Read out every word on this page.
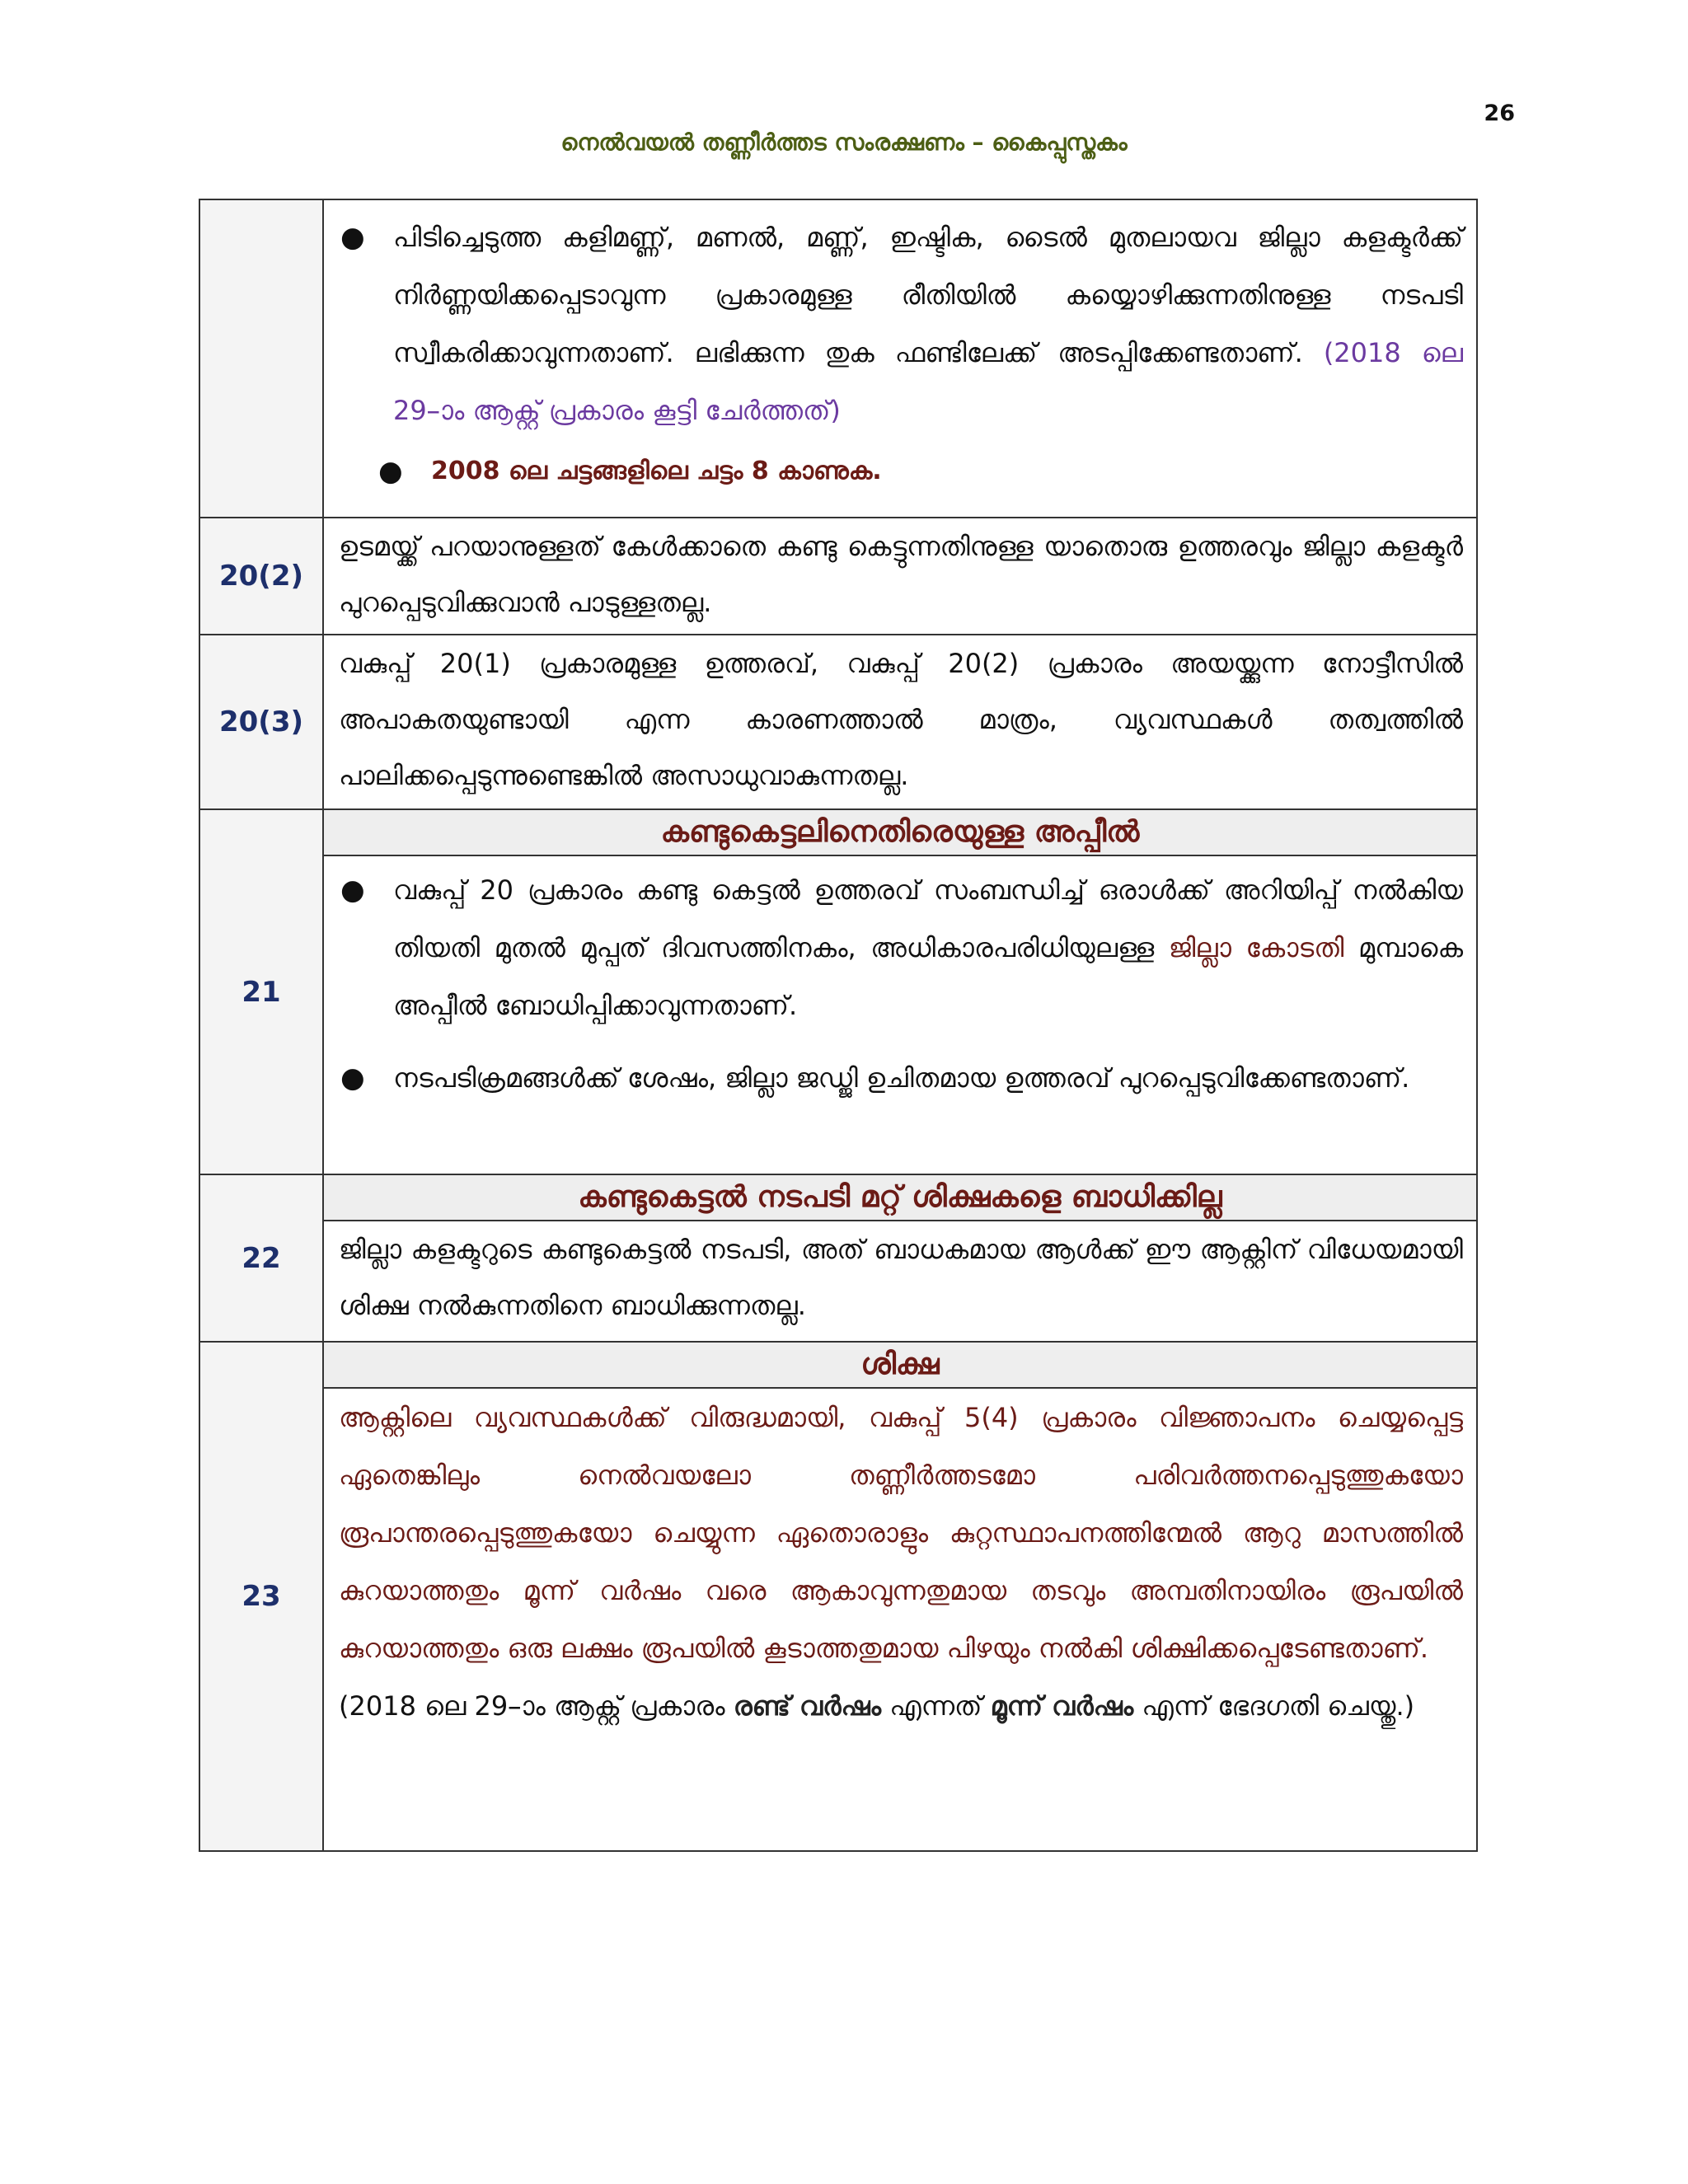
26
നെൽവയൽ തണ്ണീർത്തട സംരക്ഷണം – കൈപ്പുസ്തകം

	● പിടിച്ചെടുത്ത കളിമണ്ണ്, മണൽ, മണ്ണ്, ഇഷ്ടിക, ടൈൽ മുതലായവ ജില്ലാ കളക്ടർക്ക് നിർണ്ണയിക്കപ്പെടാവുന്ന പ്രകാരമുള്ള രീതിയിൽ കയ്യൊഴിക്കുന്നതിനുള്ള നടപടി സ്വീകരിക്കാവുന്നതാണ്. ലഭിക്കുന്ന തുക ഫണ്ടിലേക്ക് അടപ്പിക്കേണ്ടതാണ്. (2018 ലെ 29–ാം ആക്റ്റ് പ്രകാരം കൂട്ടി ചേർത്തത്)
● 2008 ലെ ചട്ടങ്ങളിലെ ചട്ടം 8 കാണുക.

20(2)	ഉടമയ്ക്ക് പറയാനുള്ളത് കേൾക്കാതെ കണ്ടു കെട്ടുന്നതിനുള്ള യാതൊരു ഉത്തരവും ജില്ലാ കളക്ടർ പുറപ്പെടുവിക്കുവാൻ പാടുള്ളതല്ല.

20(3)	വകുപ്പ് 20(1) പ്രകാരമുള്ള ഉത്തരവ്, വകുപ്പ് 20(2) പ്രകാരം അയയ്ക്കുന്ന നോട്ടീസിൽ അപാകതയുണ്ടായി എന്ന കാരണത്താൽ മാത്രം, വ്യവസ്ഥകൾ തത്വത്തിൽ പാലിക്കപ്പെടുന്നുണ്ടെങ്കിൽ അസാധുവാകുന്നതല്ല.

21	കണ്ടുകെട്ടലിനെതിരെയുള്ള അപ്പീൽ
● വകുപ്പ് 20 പ്രകാരം കണ്ടു കെട്ടൽ ഉത്തരവ് സംബന്ധിച്ച് ഒരാൾക്ക് അറിയിപ്പ് നൽകിയ തിയതി മുതൽ മുപ്പത് ദിവസത്തിനകം, അധികാരപരിധിയുലള്ള ജില്ലാ കോടതി മുമ്പാകെ അപ്പീൽ ബോധിപ്പിക്കാവുന്നതാണ്.
● നടപടിക്രമങ്ങൾക്ക് ശേഷം, ജില്ലാ ജഡ്ജി ഉചിതമായ ഉത്തരവ് പുറപ്പെടുവിക്കേണ്ടതാണ്.

22	കണ്ടുകെട്ടൽ നടപടി മറ്റ് ശിക്ഷകളെ ബാധിക്കില്ല
ജില്ലാ കളക്ടറുടെ കണ്ടുകെട്ടൽ നടപടി, അത് ബാധകമായ ആൾക്ക് ഈ ആക്റ്റിന് വിധേയമായി ശിക്ഷ നൽകുന്നതിനെ ബാധിക്കുന്നതല്ല.

23	ശിക്ഷ
ആക്റ്റിലെ വ്യവസ്ഥകൾക്ക് വിരുദ്ധമായി, വകുപ്പ് 5(4) പ്രകാരം വിജ്ഞാപനം ചെയ്യപ്പെട്ട ഏതെങ്കിലും നെൽവയലോ തണ്ണീർത്തടമോ പരിവർത്തനപ്പെടുത്തുകയോ രൂപാന്തരപ്പെടുത്തുകയോ ചെയ്യുന്ന ഏതൊരാളും കുറ്റസ്ഥാപനത്തിന്മേൽ ആറു മാസത്തിൽ കുറയാത്തതും മൂന്ന് വർഷം വരെ ആകാവുന്നതുമായ തടവും അമ്പതിനായിരം രൂപയിൽ കുറയാത്തതും ഒരു ലക്ഷം രൂപയിൽ കൂടാത്തതുമായ പിഴയും നൽകി ശിക്ഷിക്കപ്പെടേണ്ടതാണ്.
(2018 ലെ 29–ാം ആക്റ്റ് പ്രകാരം രണ്ട് വർഷം എന്നത് മൂന്ന് വർഷം എന്ന് ഭേദഗതി ചെയ്തു.)
